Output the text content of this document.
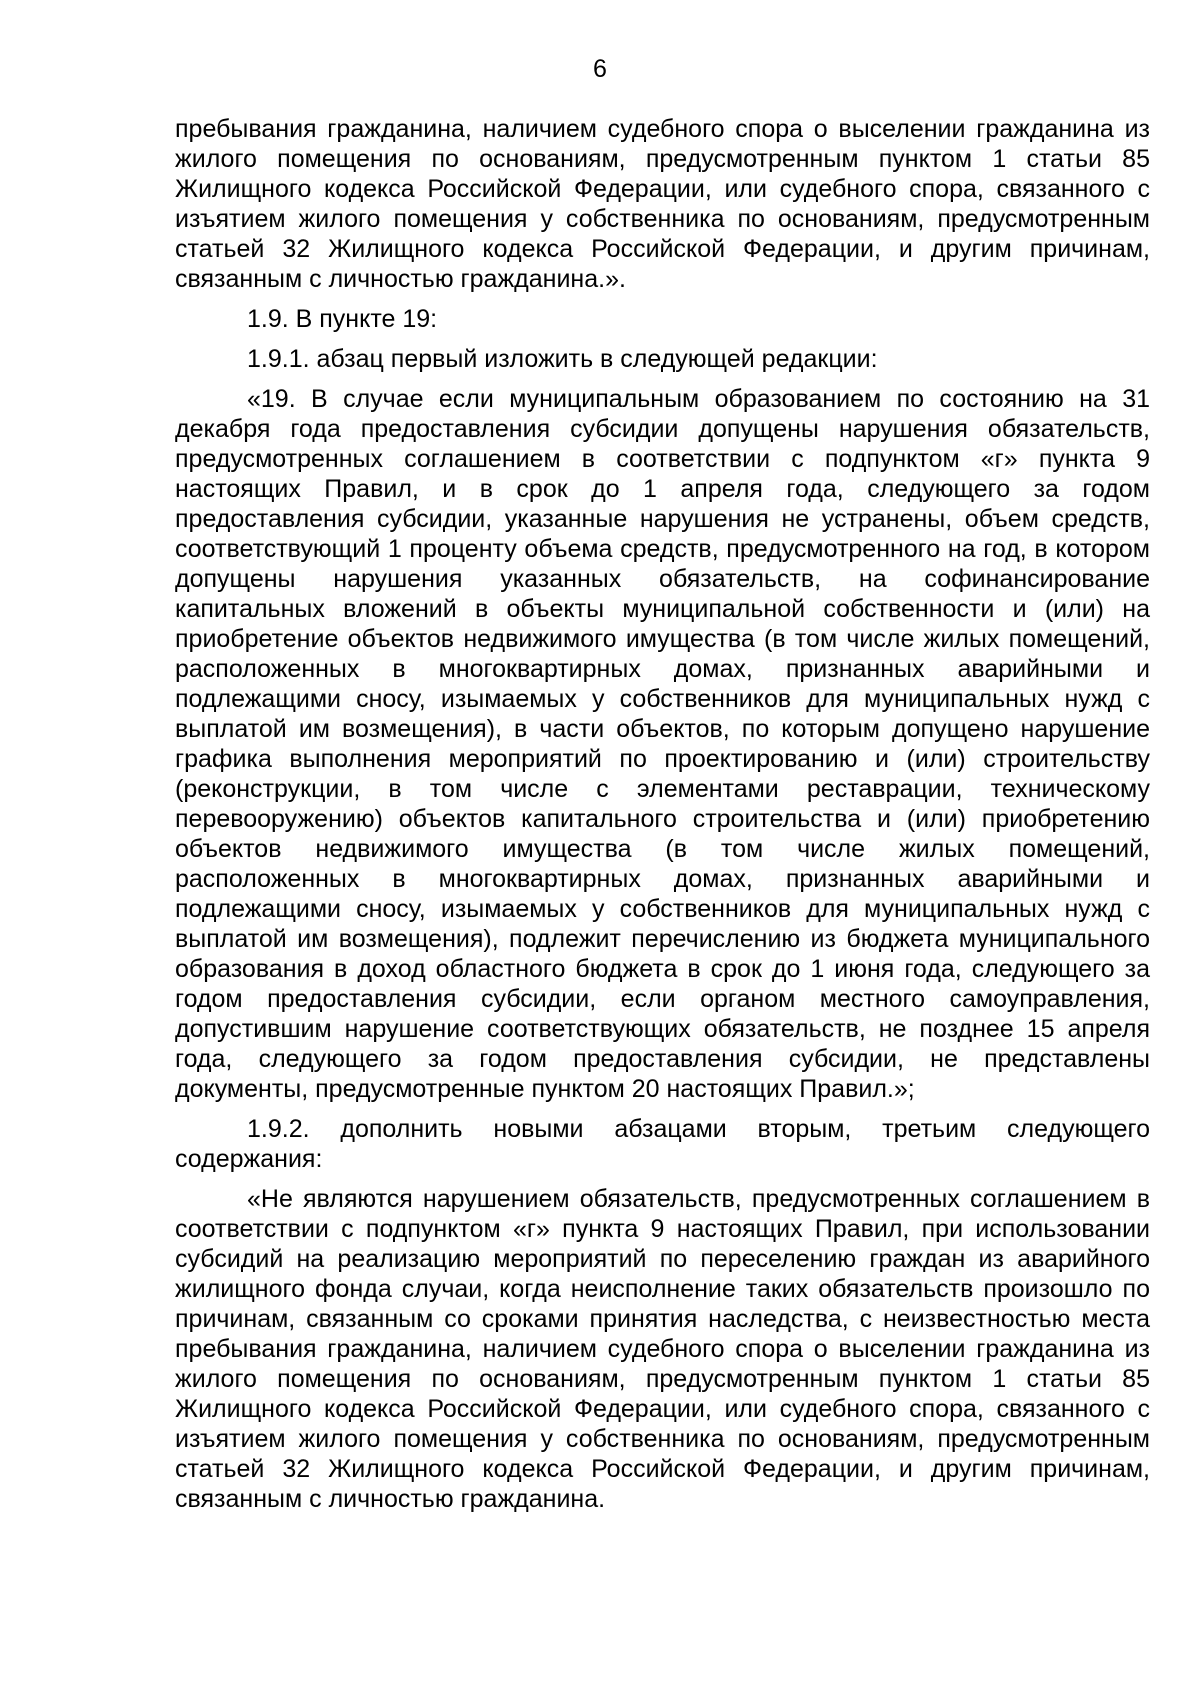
6

пребывания гражданина, наличием судебного спора о выселении гражданина из жилого помещения по основаниям, предусмотренным пунктом 1 статьи 85 Жилищного кодекса Российской Федерации, или судебного спора, связанного с изъятием жилого помещения у собственника по основаниям, предусмотренным статьей 32 Жилищного кодекса Российской Федерации, и другим причинам, связанным с личностью гражданина.».

1.9. В пункте 19:

1.9.1. абзац первый изложить в следующей редакции:

«19. В случае если муниципальным образованием по состоянию на 31 декабря года предоставления субсидии допущены нарушения обязательств, предусмотренных соглашением в соответствии с подпунктом «г» пункта 9 настоящих Правил, и в срок до 1 апреля года, следующего за годом предоставления субсидии, указанные нарушения не устранены, объем средств, соответствующий 1 проценту объема средств, предусмотренного на год, в котором допущены нарушения указанных обязательств, на софинансирование капитальных вложений в объекты муниципальной собственности и (или) на приобретение объектов недвижимого имущества (в том числе жилых помещений, расположенных в многоквартирных домах, признанных аварийными и подлежащими сносу, изымаемых у собственников для муниципальных нужд с выплатой им возмещения), в части объектов, по которым допущено нарушение графика выполнения мероприятий по проектированию и (или) строительству (реконструкции, в том числе с элементами реставрации, техническому перевооружению) объектов капитального строительства и (или) приобретению объектов недвижимого имущества (в том числе жилых помещений, расположенных в многоквартирных домах, признанных аварийными и подлежащими сносу, изымаемых у собственников для муниципальных нужд с выплатой им возмещения), подлежит перечислению из бюджета муниципального образования в доход областного бюджета в срок до 1 июня года, следующего за годом предоставления субсидии, если органом местного самоуправления, допустившим нарушение соответствующих обязательств, не позднее 15 апреля года, следующего за годом предоставления субсидии, не представлены документы, предусмотренные пунктом 20 настоящих Правил.»;

1.9.2. дополнить новыми абзацами вторым, третьим следующего содержания:

«Не являются нарушением обязательств, предусмотренных соглашением в соответствии с подпунктом «г» пункта 9 настоящих Правил, при использовании субсидий на реализацию мероприятий по переселению граждан из аварийного жилищного фонда случаи, когда неисполнение таких обязательств произошло по причинам, связанным со сроками принятия наследства, с неизвестностью места пребывания гражданина, наличием судебного спора о выселении гражданина из жилого помещения по основаниям, предусмотренным пунктом 1 статьи 85 Жилищного кодекса Российской Федерации, или судебного спора, связанного с изъятием жилого помещения у собственника по основаниям, предусмотренным статьей 32 Жилищного кодекса Российской Федерации, и другим причинам, связанным с личностью гражданина.
